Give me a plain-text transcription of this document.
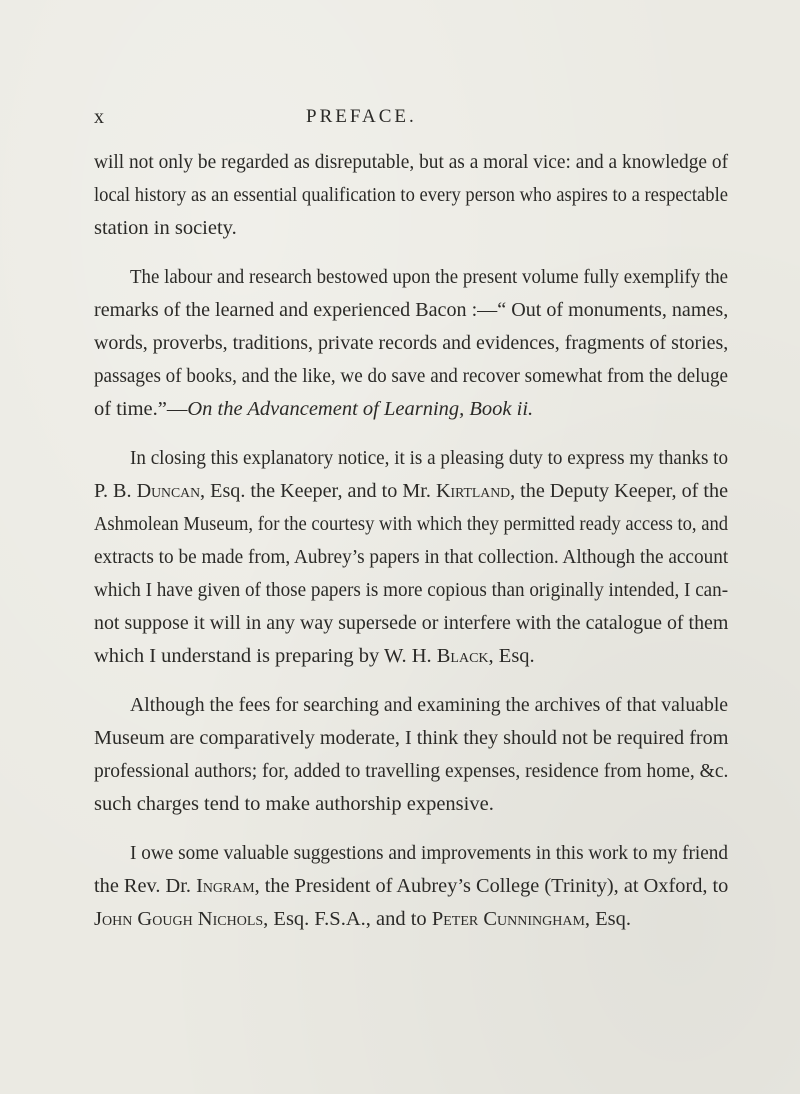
x	PREFACE.
will not only be regarded as disreputable, but as a moral vice: and a knowledge of
local history as an essential qualification to every person who aspires to a respectable
station in society.
The labour and research bestowed upon the present volume fully exemplify the
remarks of the learned and experienced Bacon :—“ Out of monuments, names,
words, proverbs, traditions, private records and evidences, fragments of stories,
passages of books, and the like, we do save and recover somewhat from the deluge
of time.”—On the Advancement of Learning, Book ii.
In closing this explanatory notice, it is a pleasing duty to express my thanks to
P. B. Duncan, Esq. the Keeper, and to Mr. Kirtland, the Deputy Keeper, of the
Ashmolean Museum, for the courtesy with which they permitted ready access to, and
extracts to be made from, Aubrey’s papers in that collection. Although the account
which I have given of those papers is more copious than originally intended, I can-
not suppose it will in any way supersede or interfere with the catalogue of them
which I understand is preparing by W. H. Black, Esq.
Although the fees for searching and examining the archives of that valuable
Museum are comparatively moderate, I think they should not be required from
professional authors; for, added to travelling expenses, residence from home, &c.
such charges tend to make authorship expensive.
I owe some valuable suggestions and improvements in this work to my friend
the Rev. Dr. Ingram, the President of Aubrey’s College (Trinity), at Oxford, to
John Gough Nichols, Esq. F.S.A., and to Peter Cunningham, Esq.
